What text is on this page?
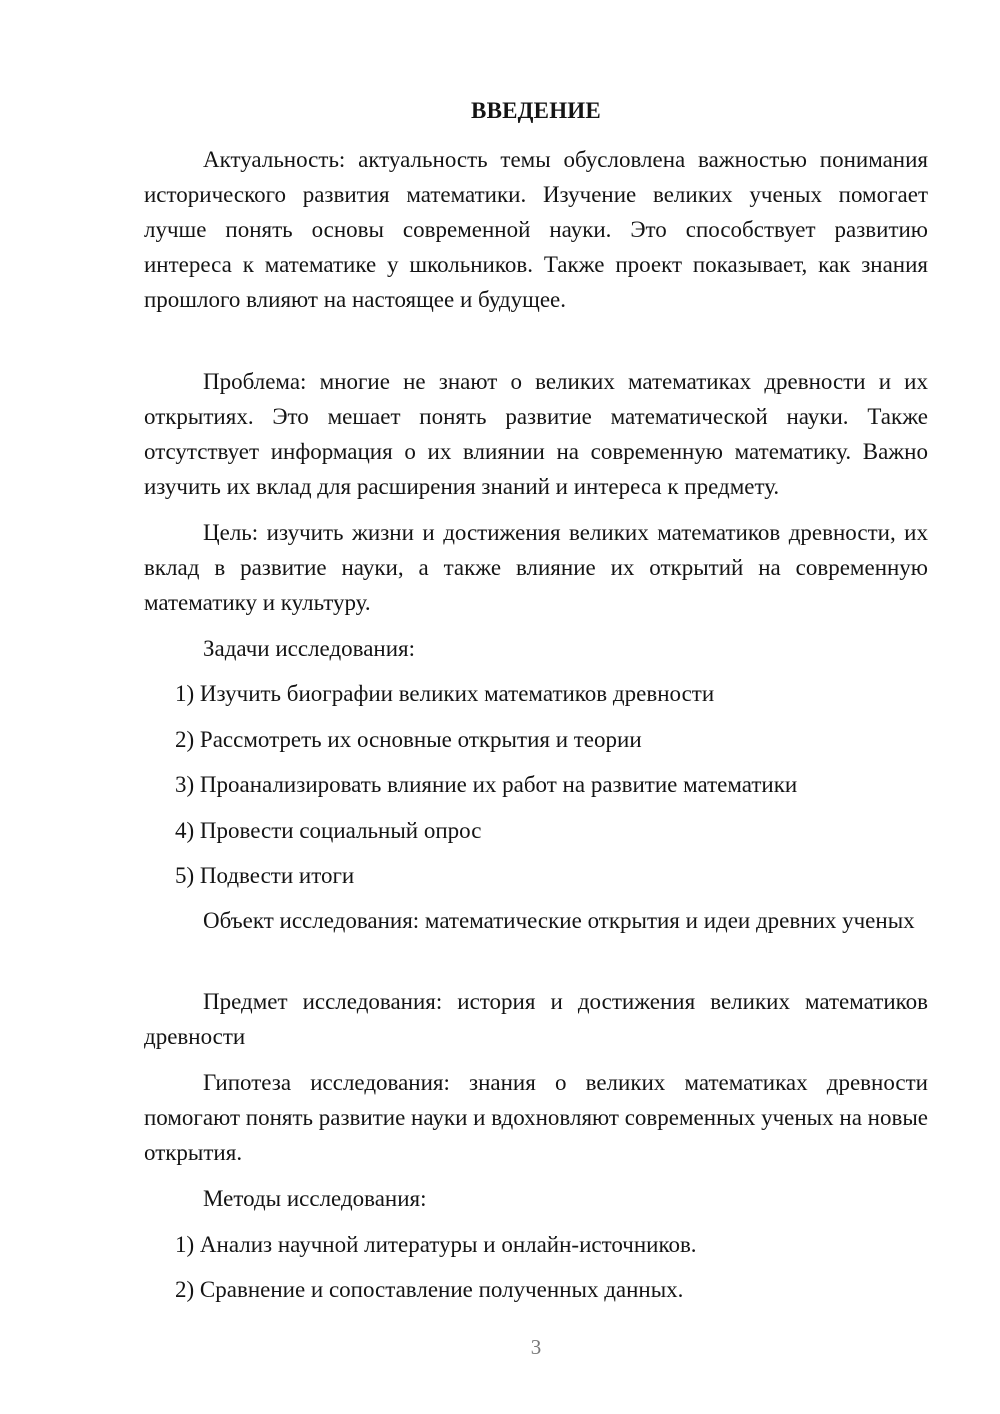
ВВЕДЕНИЕ

Актуальность: актуальность темы обусловлена важностью понимания исторического развития математики. Изучение великих ученых помогает лучше понять основы современной науки. Это способствует развитию интереса к математике у школьников. Также проект показывает, как знания прошлого влияют на настоящее и будущее.

Проблема: многие не знают о великих математиках древности и их открытиях. Это мешает понять развитие математической науки. Также отсутствует информация о их влиянии на современную математику. Важно изучить их вклад для расширения знаний и интереса к предмету.

Цель: изучить жизни и достижения великих математиков древности, их вклад в развитие науки, а также влияние их открытий на современную математику и культуру.

Задачи исследования:

1) Изучить биографии великих математиков древности

2) Рассмотреть их основные открытия и теории

3) Проанализировать влияние их работ на развитие математики

4) Провести социальный опрос

5) Подвести итоги

Объект исследования: математические открытия и идеи древних ученых

Предмет исследования: история и достижения великих математиков древности

Гипотеза исследования: знания о великих математиках древности помогают понять развитие науки и вдохновляют современных ученых на новые открытия.

Методы исследования:

1) Анализ научной литературы и онлайн-источников.

2) Сравнение и сопоставление полученных данных.

3
